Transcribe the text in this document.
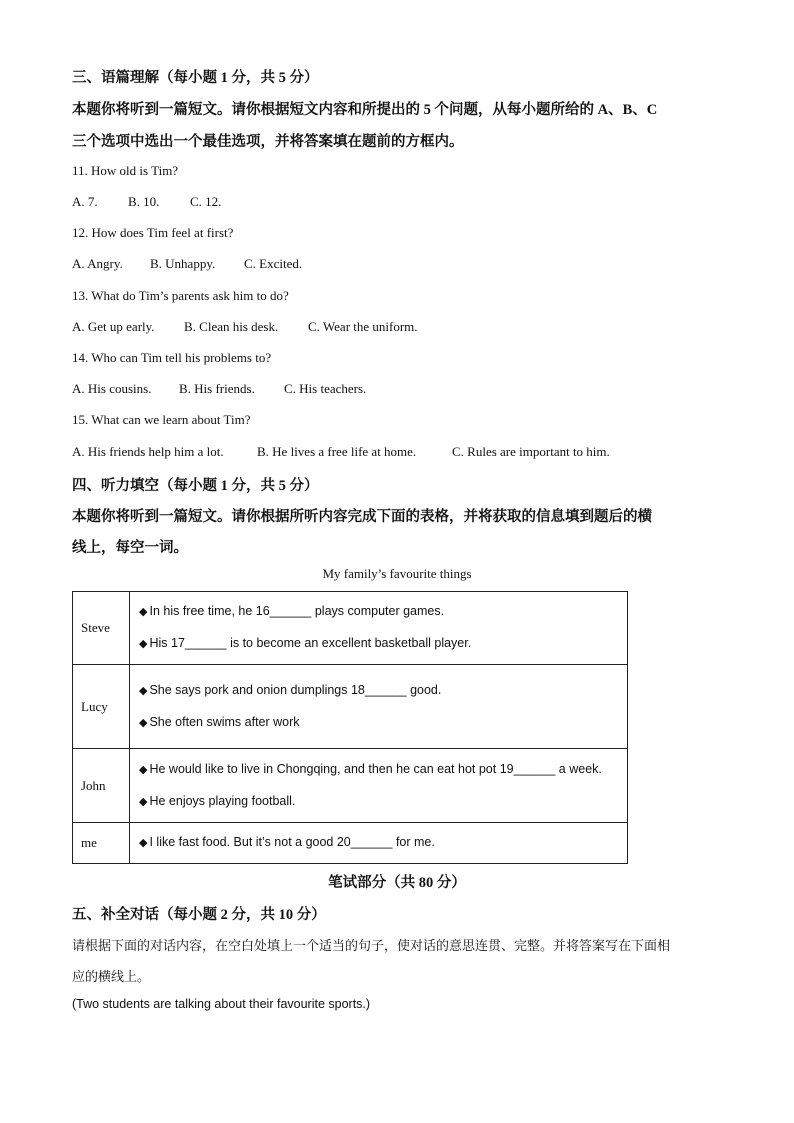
三、语篇理解（每小题 1 分，共 5 分）
本题你将听到一篇短文。请你根据短文内容和所提出的 5 个问题，从每小题所给的 A、B、C
三个选项中选出一个最佳选项，并将答案填在题前的方框内。
11. How old is Tim?
A. 7. B. 10. C. 12.
12. How does Tim feel at first?
A. Angry. B. Unhappy. C. Excited.
13. What do Tim’s parents ask him to do?
A. Get up early. B. Clean his desk. C. Wear the uniform.
14. Who can Tim tell his problems to?
A. His cousins. B. His friends. C. His teachers.
15. What can we learn about Tim?
A. His friends help him a lot.	B. He lives a free life at home.	C. Rules are important to him.
四、听力填空（每小题 1 分，共 5 分）
本题你将听到一篇短文。请你根据所听内容完成下面的表格，并将获取的信息填到题后的横
线上，每空一词。
My family’s favourite things
Steve	◆ In his free time, he 16______ plays computer games.
◆ His 17______ is to become an excellent basketball player.

Lucy	◆ She says pork and onion dumplings 18______ good.
◆ She often swims after work

John	◆ He would like to live in Chongqing, and then he can eat hot pot 19______ a week.
◆ He enjoys playing football.

me	◆ I like fast food. But it’s not a good 20______ for me.
笔试部分（共 80 分）
五、补全对话（每小题 2 分，共 10 分）
请根据下面的对话内容，在空白处填上一个适当的句子，使对话的意思连贯、完整。并将答案写在下面相
应的横线上。
(Two students are talking about their favourite sports.)
